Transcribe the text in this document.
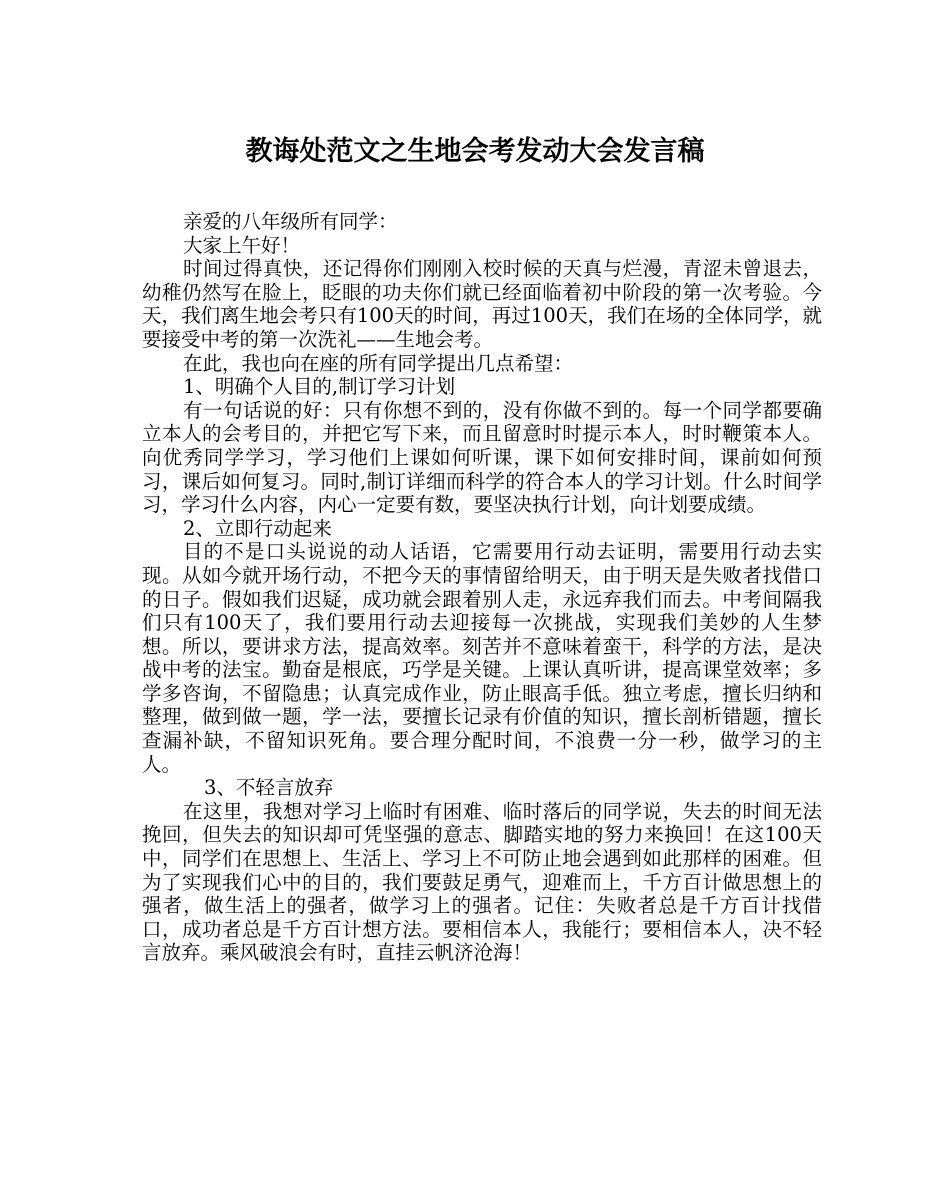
教诲处范文之生地会考发动大会发言稿

亲爱的八年级所有同学：

大家上午好！

时间过得真快，还记得你们刚刚入校时候的天真与烂漫，青涩未曾退去，幼稚仍然写在脸上，眨眼的功夫你们就已经面临着初中阶段的第一次考验。今天，我们离生地会考只有100天的时间，再过100天，我们在场的全体同学，就要接受中考的第一次洗礼——生地会考。

在此，我也向在座的所有同学提出几点希望：

1、明确个人目的,制订学习计划

有一句话说的好：只有你想不到的，没有你做不到的。每一个同学都要确立本人的会考目的，并把它写下来，而且留意时时提示本人，时时鞭策本人。向优秀同学学习，学习他们上课如何听课，课下如何安排时间，课前如何预习，课后如何复习。同时,制订详细而科学的符合本人的学习计划。什么时间学习，学习什么内容，内心一定要有数，要坚决执行计划，向计划要成绩。

2、立即行动起来

目的不是口头说说的动人话语，它需要用行动去证明，需要用行动去实现。从如今就开场行动，不把今天的事情留给明天，由于明天是失败者找借口的日子。假如我们迟疑，成功就会跟着别人走，永远弃我们而去。中考间隔我们只有100天了，我们要用行动去迎接每一次挑战，实现我们美妙的人生梦想。所以，要讲求方法，提高效率。刻苦并不意味着蛮干，科学的方法，是决战中考的法宝。勤奋是根底，巧学是关键。上课认真听讲，提高课堂效率；多学多咨询，不留隐患；认真完成作业，防止眼高手低。独立考虑，擅长归纳和整理，做到做一题，学一法，要擅长记录有价值的知识，擅长剖析错题，擅长查漏补缺，不留知识死角。要合理分配时间，不浪费一分一秒，做学习的主人。

3、不轻言放弃

在这里，我想对学习上临时有困难、临时落后的同学说，失去的时间无法挽回，但失去的知识却可凭坚强的意志、脚踏实地的努力来换回！在这100天中，同学们在思想上、生活上、学习上不可防止地会遇到如此那样的困难。但为了实现我们心中的目的，我们要鼓足勇气，迎难而上，千方百计做思想上的强者，做生活上的强者，做学习上的强者。记住：失败者总是千方百计找借口，成功者总是千方百计想方法。要相信本人，我能行；要相信本人，决不轻言放弃。乘风破浪会有时，直挂云帆济沧海！
